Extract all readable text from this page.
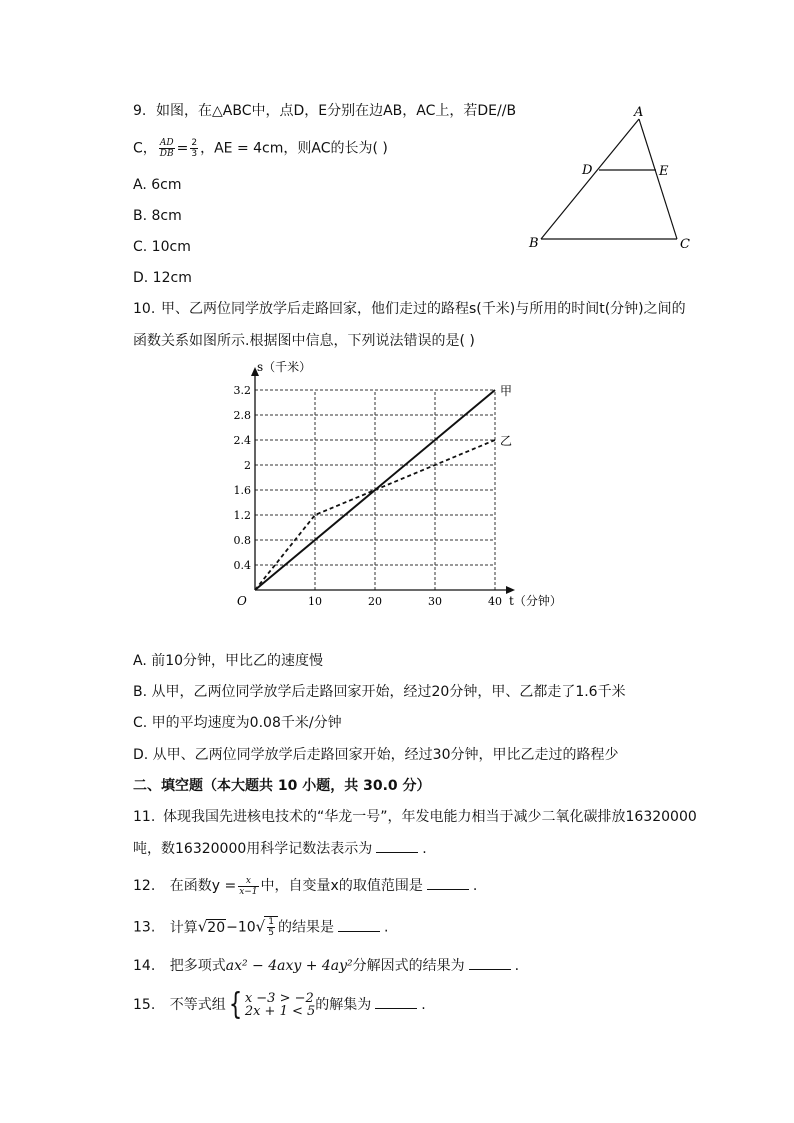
9. 如图，在△ABC中，点D，E分别在边AB，AC上，若DE//B
C， $\frac{AD}{DB} = \frac{2}{3}$ ，AE = 4cm，则AC的长为( )
A. 6cm
B. 8cm
C. 10cm
D. 12cm
A
B	C
D	E
10. 甲、乙两位同学放学后走路回家，他们走过的路程s(千米)与所用的时间t(分钟)之间的
函数关系如图所示.根据图中信息，下列说法错误的是( )
0.4
0.8
1.2
1.6
2
2.4
2.8
3.2
10	20	30	40
甲
乙
s（千米）
t（分钟）
O
A. 前10分钟，甲比乙的速度慢
B. 从甲，乙两位同学放学后走路回家开始，经过20分钟，甲、乙都走了1.6千米
C. 甲的平均速度为0.08千米/分钟
D. 从甲、乙两位同学放学后走路回家开始，经过30分钟，甲比乙走过的路程少
二、填空题（本大题共 10 小题，共 30.0 分）
11. 体现我国先进核电技术的“华龙一号”，年发电能力相当于减少二氧化碳排放16320000
吨，数16320000用科学记数法表示为	.
12. 在函数$y = \frac{x}{x-1}$ 中，自变量x的取值范围是	.
13. 计算$√20-10√ \frac{1}{5}$ 的结果是	.
14. 把多项式ax² − 4axy + 4ay²分解因式的结果为	.
15. 不等式组{ x −3 > −2
2x + 1 < 5 的解集为	.
